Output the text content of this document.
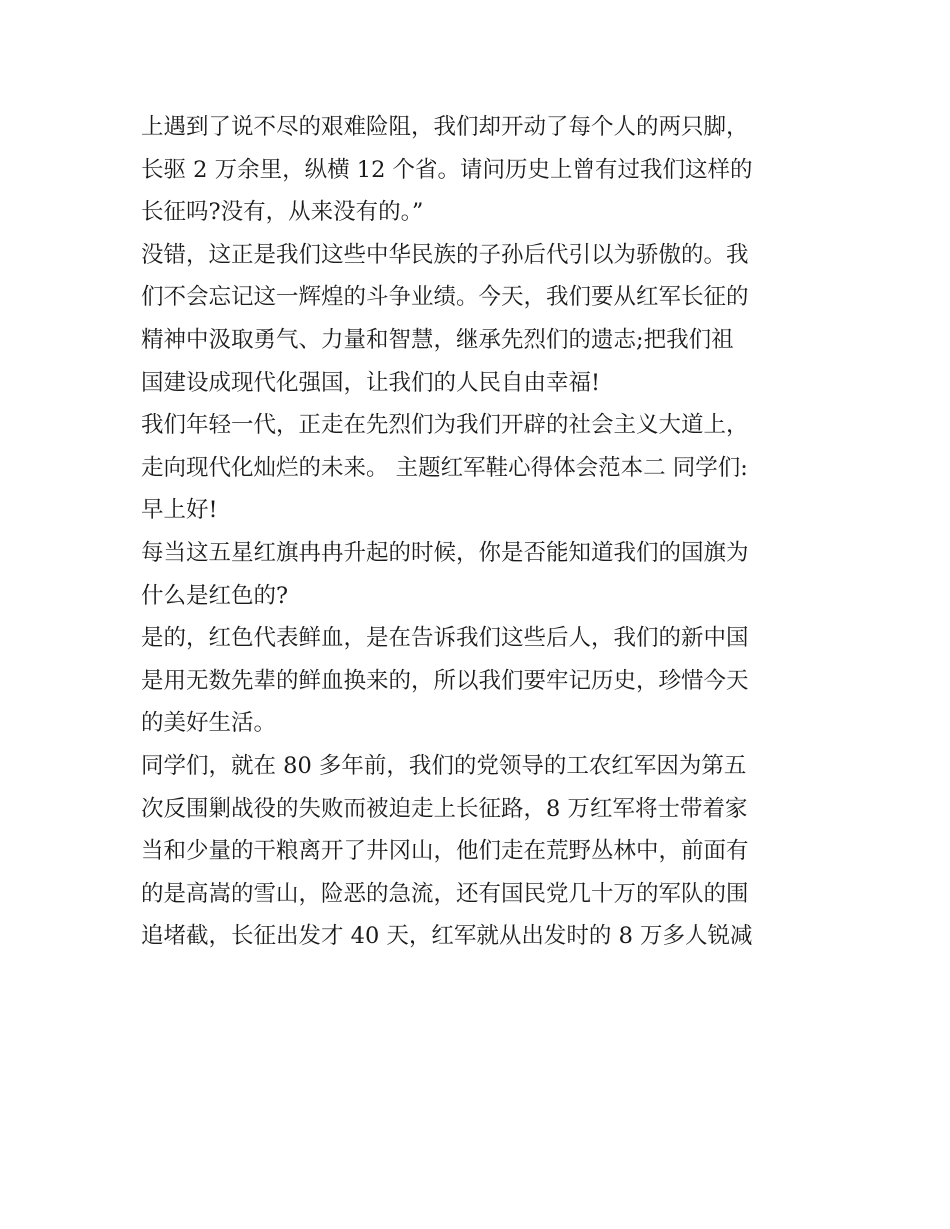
上遇到了说不尽的艰难险阻，我们却开动了每个人的两只脚，
长驱 2 万余里，纵横 12 个省。请问历史上曾有过我们这样的
长征吗?没有，从来没有的。”
没错，这正是我们这些中华民族的子孙后代引以为骄傲的。我
们不会忘记这一辉煌的斗争业绩。今天，我们要从红军长征的
精神中汲取勇气、力量和智慧，继承先烈们的遗志;把我们祖
国建设成现代化强国，让我们的人民自由幸福!
我们年轻一代，正走在先烈们为我们开辟的社会主义大道上，
走向现代化灿烂的未来。 主题红军鞋心得体会范本二 同学们:
早上好!
每当这五星红旗冉冉升起的时候，你是否能知道我们的国旗为
什么是红色的?
是的，红色代表鲜血，是在告诉我们这些后人，我们的新中国
是用无数先辈的鲜血换来的，所以我们要牢记历史，珍惜今天
的美好生活。
同学们，就在 80 多年前，我们的党领导的工农红军因为第五
次反围剿战役的失败而被迫走上长征路，8 万红军将士带着家
当和少量的干粮离开了井冈山，他们走在荒野丛林中，前面有
的是高嵩的雪山，险恶的急流，还有国民党几十万的军队的围
追堵截，长征出发才 40 天，红军就从出发时的 8 万多人锐减
